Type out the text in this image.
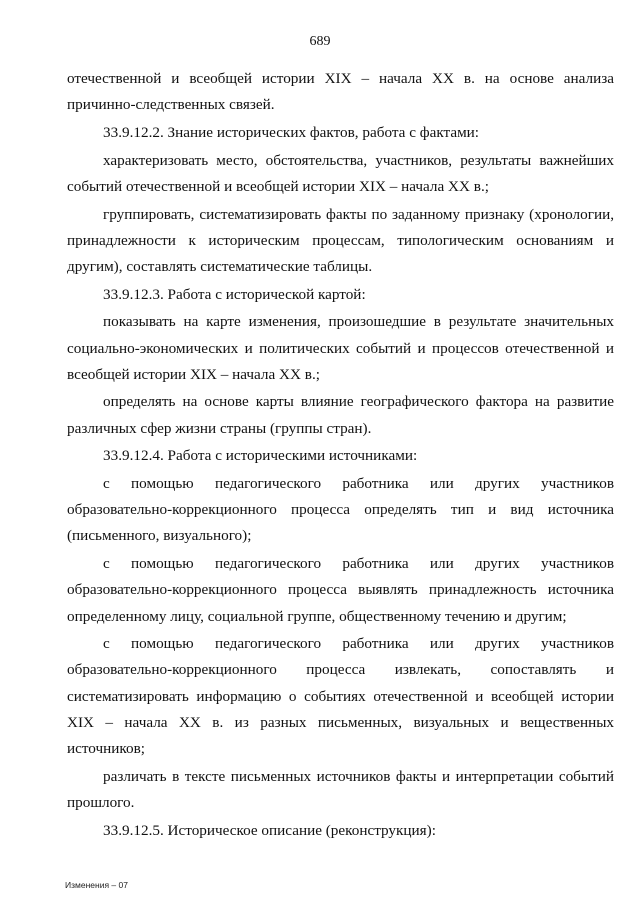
689

отечественной и всеобщей истории XIX – начала XX в. на основе анализа причинно-следственных связей.

33.9.12.2. Знание исторических фактов, работа с фактами:

характеризовать место, обстоятельства, участников, результаты важнейших событий отечественной и всеобщей истории XIX – начала XX в.;

группировать, систематизировать факты по заданному признаку (хронологии, принадлежности к историческим процессам, типологическим основаниям и другим), составлять систематические таблицы.

33.9.12.3. Работа с исторической картой:

показывать на карте изменения, произошедшие в результате значительных социально-экономических и политических событий и процессов отечественной и всеобщей истории XIX – начала XX в.;

определять на основе карты влияние географического фактора на развитие различных сфер жизни страны (группы стран).

33.9.12.4. Работа с историческими источниками:

с помощью педагогического работника или других участников образовательно-коррекционного процесса определять тип и вид источника (письменного, визуального);

с помощью педагогического работника или других участников образовательно-коррекционного процесса выявлять принадлежность источника определенному лицу, социальной группе, общественному течению и другим;

с помощью педагогического работника или других участников образовательно-коррекционного процесса извлекать, сопоставлять и систематизировать информацию о событиях отечественной и всеобщей истории XIX – начала XX в. из разных письменных, визуальных и вещественных источников;

различать в тексте письменных источников факты и интерпретации событий прошлого.

33.9.12.5. Историческое описание (реконструкция):

Изменения – 07
